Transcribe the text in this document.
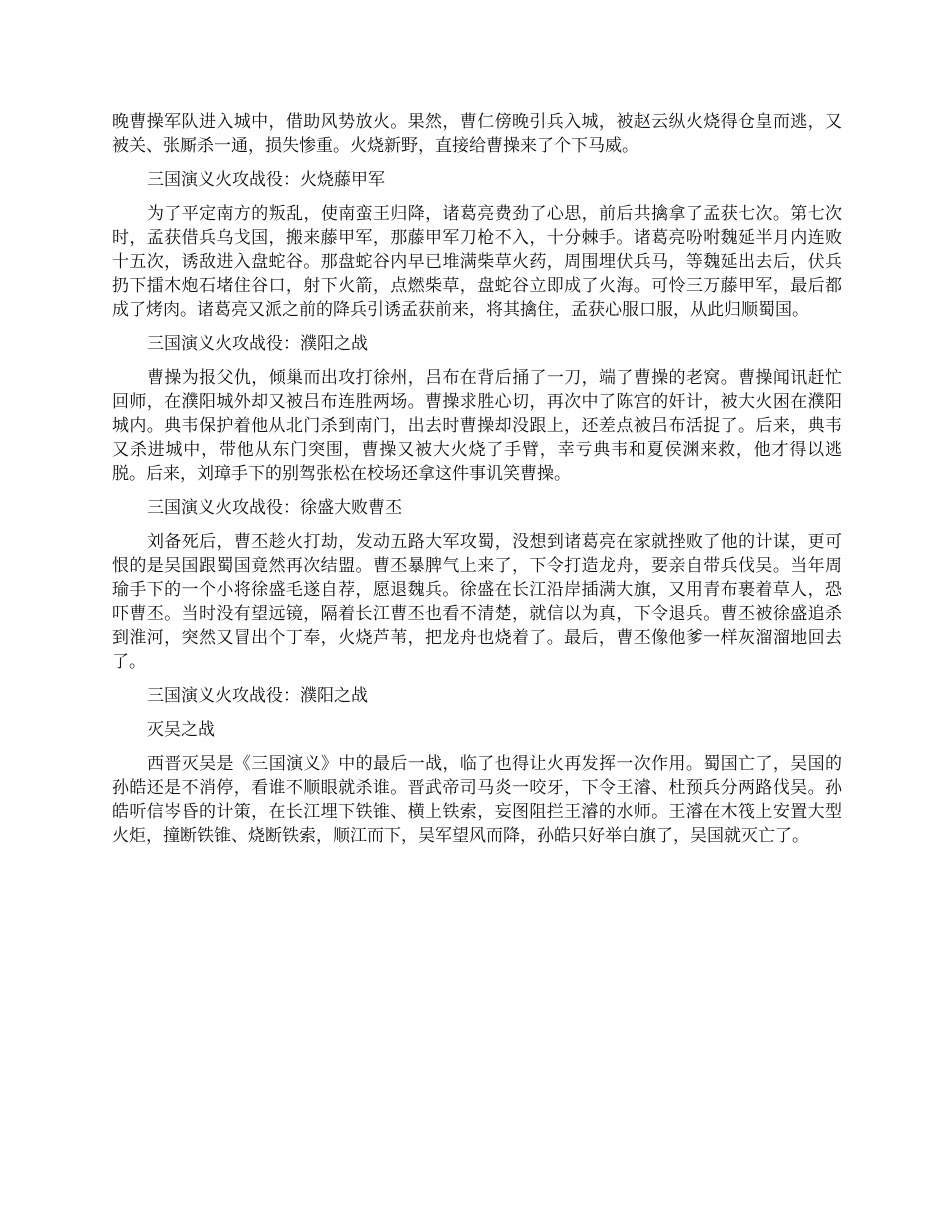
晚曹操军队进入城中，借助风势放火。果然，曹仁傍晚引兵入城，被赵云纵火烧得仓皇而逃，又被关、张厮杀一通，损失惨重。火烧新野，直接给曹操来了个下马威。

三国演义火攻战役：火烧藤甲军

为了平定南方的叛乱，使南蛮王归降，诸葛亮费劲了心思，前后共擒拿了孟获七次。第七次时，孟获借兵乌戈国，搬来藤甲军，那藤甲军刀枪不入，十分棘手。诸葛亮吩咐魏延半月内连败十五次，诱敌进入盘蛇谷。那盘蛇谷内早已堆满柴草火药，周围埋伏兵马，等魏延出去后，伏兵扔下擂木炮石堵住谷口，射下火箭，点燃柴草，盘蛇谷立即成了火海。可怜三万藤甲军，最后都成了烤肉。诸葛亮又派之前的降兵引诱孟获前来，将其擒住，孟获心服口服，从此归顺蜀国。

三国演义火攻战役：濮阳之战

曹操为报父仇，倾巢而出攻打徐州，吕布在背后捅了一刀，端了曹操的老窝。曹操闻讯赶忙回师，在濮阳城外却又被吕布连胜两场。曹操求胜心切，再次中了陈宫的奸计，被大火困在濮阳城内。典韦保护着他从北门杀到南门，出去时曹操却没跟上，还差点被吕布活捉了。后来，典韦又杀进城中，带他从东门突围，曹操又被大火烧了手臂，幸亏典韦和夏侯渊来救，他才得以逃脱。后来，刘璋手下的别驾张松在校场还拿这件事讥笑曹操。

三国演义火攻战役：徐盛大败曹丕

刘备死后，曹丕趁火打劫，发动五路大军攻蜀，没想到诸葛亮在家就挫败了他的计谋，更可恨的是吴国跟蜀国竟然再次结盟。曹丕暴脾气上来了，下令打造龙舟，要亲自带兵伐吴。当年周瑜手下的一个小将徐盛毛遂自荐，愿退魏兵。徐盛在长江沿岸插满大旗，又用青布裹着草人，恐吓曹丕。当时没有望远镜，隔着长江曹丕也看不清楚，就信以为真，下令退兵。曹丕被徐盛追杀到淮河，突然又冒出个丁奉，火烧芦苇，把龙舟也烧着了。最后，曹丕像他爹一样灰溜溜地回去了。

三国演义火攻战役：濮阳之战

灭吴之战

西晋灭吴是《三国演义》中的最后一战，临了也得让火再发挥一次作用。蜀国亡了，吴国的孙皓还是不消停，看谁不顺眼就杀谁。晋武帝司马炎一咬牙，下令王濬、杜预兵分两路伐吴。孙皓听信岑昏的计策，在长江埋下铁锥、横上铁索，妄图阻拦王濬的水师。王濬在木筏上安置大型火炬，撞断铁锥、烧断铁索，顺江而下，吴军望风而降，孙皓只好举白旗了，吴国就灭亡了。
